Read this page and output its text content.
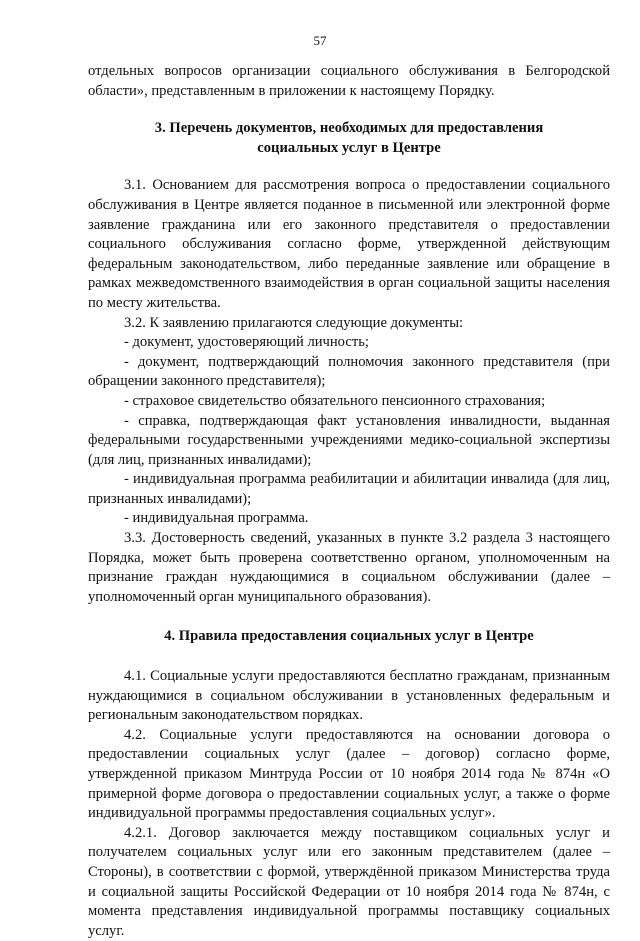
57

отдельных вопросов организации социального обслуживания в Белгородской области», представленным в приложении к настоящему Порядку.

3. Перечень документов, необходимых для предоставления
социальных услуг в Центре

3.1. Основанием для рассмотрения вопроса о предоставлении социального обслуживания в Центре является поданное в письменной или электронной форме заявление гражданина или его законного представителя о предоставлении социального обслуживания согласно форме, утвержденной действующим федеральным законодательством, либо переданные заявление или обращение в рамках межведомственного взаимодействия в орган социальной защиты населения по месту жительства.

3.2. К заявлению прилагаются следующие документы:

- документ, удостоверяющий личность;

- документ, подтверждающий полномочия законного представителя (при обращении законного представителя);

- страховое свидетельство обязательного пенсионного страхования;

- справка, подтверждающая факт установления инвалидности, выданная федеральными государственными учреждениями медико-социальной экспертизы (для лиц, признанных инвалидами);

- индивидуальная программа реабилитации и абилитации инвалида (для лиц, признанных инвалидами);

- индивидуальная программа.

3.3. Достоверность сведений, указанных в пункте 3.2 раздела 3 настоящего Порядка, может быть проверена соответственно органом, уполномоченным на признание граждан нуждающимися в социальном обслуживании (далее – уполномоченный орган муниципального образования).

4. Правила предоставления социальных услуг в Центре

4.1. Социальные услуги предоставляются бесплатно гражданам, признанным нуждающимися в социальном обслуживании в установленных федеральным и региональным законодательством порядках.

4.2. Социальные услуги предоставляются на основании договора о предоставлении социальных услуг (далее – договор) согласно форме, утвержденной приказом Минтруда России от 10 ноября 2014 года № 874н «О примерной форме договора о предоставлении социальных услуг, а также о форме индивидуальной программы предоставления социальных услуг».

4.2.1. Договор заключается между поставщиком социальных услуг и получателем социальных услуг или его законным представителем (далее – Стороны), в соответствии с формой, утверждённой приказом Министерства труда и социальной защиты Российской Федерации от 10 ноября 2014 года № 874н, с момента представления индивидуальной программы поставщику социальных услуг.
